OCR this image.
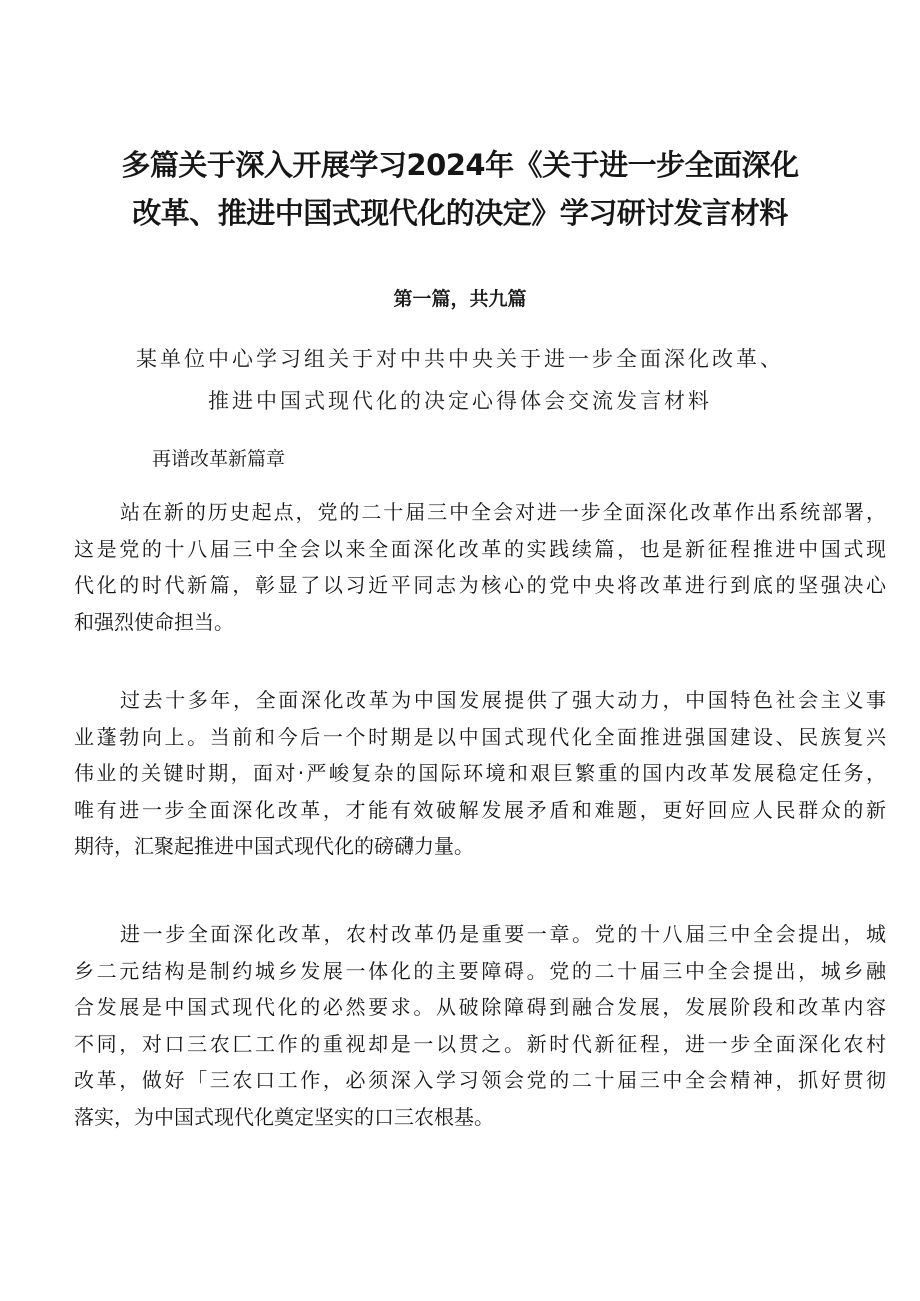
多篇关于深入开展学习2024年《关于进一步全面深化
改革、推进中国式现代化的决定》学习研讨发言材料
第一篇，共九篇
某单位中心学习组关于对中共中央关于进一步全面深化改革、
推进中国式现代化的决定心得体会交流发言材料
再谱改革新篇章
站在新的历史起点，党的二十届三中全会对进一步全面深化改革作出系统部署，
这是党的十八届三中全会以来全面深化改革的实践续篇，也是新征程推进中国式现
代化的时代新篇，彰显了以习近平同志为核心的党中央将改革进行到底的坚强决心
和强烈使命担当。
过去十多年，全面深化改革为中国发展提供了强大动力，中国特色社会主义事
业蓬勃向上。当前和今后一个时期是以中国式现代化全面推进强国建设、民族复兴
伟业的关键时期，面对·严峻复杂的国际环境和艰巨繁重的国内改革发展稳定任务，
唯有进一步全面深化改革，才能有效破解发展矛盾和难题，更好回应人民群众的新
期待，汇聚起推进中国式现代化的磅礴力量。
进一步全面深化改革，农村改革仍是重要一章。党的十八届三中全会提出，城
乡二元结构是制约城乡发展一体化的主要障碍。党的二十届三中全会提出，城乡融
合发展是中国式现代化的必然要求。从破除障碍到融合发展，发展阶段和改革内容
不同，对口三农匚工作的重视却是一以贯之。新时代新征程，进一步全面深化农村
改革，做好「三农口工作，必须深入学习领会党的二十届三中全会精神，抓好贯彻
落实，为中国式现代化奠定坚实的口三农根基。
